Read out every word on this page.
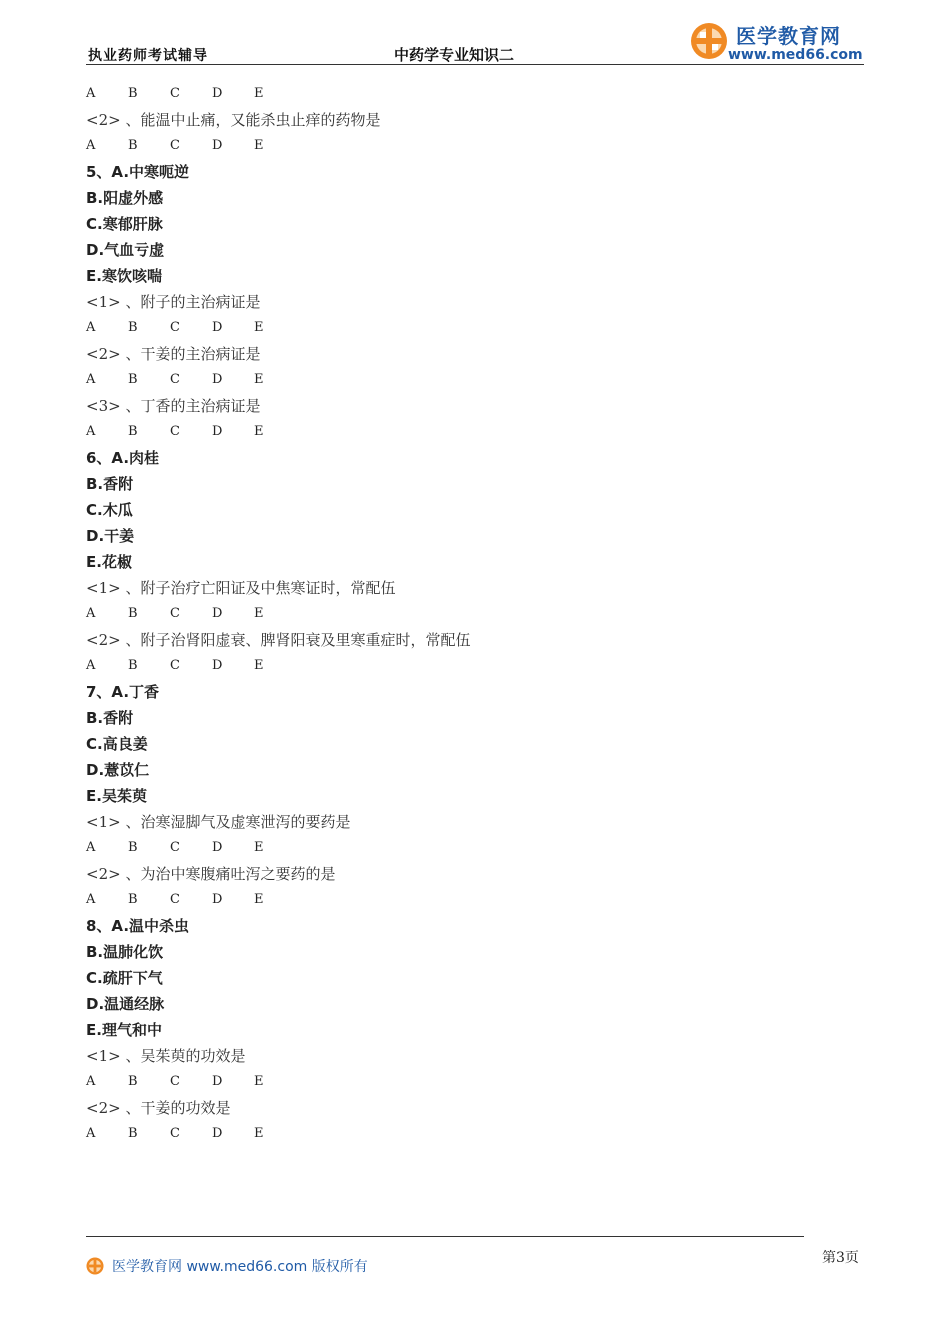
执业药师考试辅导	中药学专业知识二
医学教育网
www.med66.com
A	B C D E
<2> 、能温中止痛，又能杀虫止痒的药物是
A	B C D E
5、A.中寒呃逆
B.阳虚外感
C.寒郁肝脉
D.气血亏虚
E.寒饮咳喘
<1> 、附子的主治病证是
A	B C D E
<2> 、干姜的主治病证是
A	B C D E
<3> 、丁香的主治病证是
A	B C D E
6、A.肉桂
B.香附
C.木瓜
D.干姜
E.花椒
<1> 、附子治疗亡阳证及中焦寒证时，常配伍
A	B C D E
<2> 、附子治肾阳虚衰、脾肾阳衰及里寒重症时，常配伍
A	B C D E
7、A.丁香
B.香附
C.高良姜
D.薏苡仁
E.吴茱萸
<1> 、治寒湿脚气及虚寒泄泻的要药是
A	B C D E
<2> 、为治中寒腹痛吐泻之要药的是
A	B C D E
8、A.温中杀虫
B.温肺化饮
C.疏肝下气
D.温通经脉
E.理气和中
<1> 、吴茱萸的功效是
A	B C D E
<2> 、干姜的功效是
A	B C D E
医学教育网 www.med66.com 版权所有
第3页
